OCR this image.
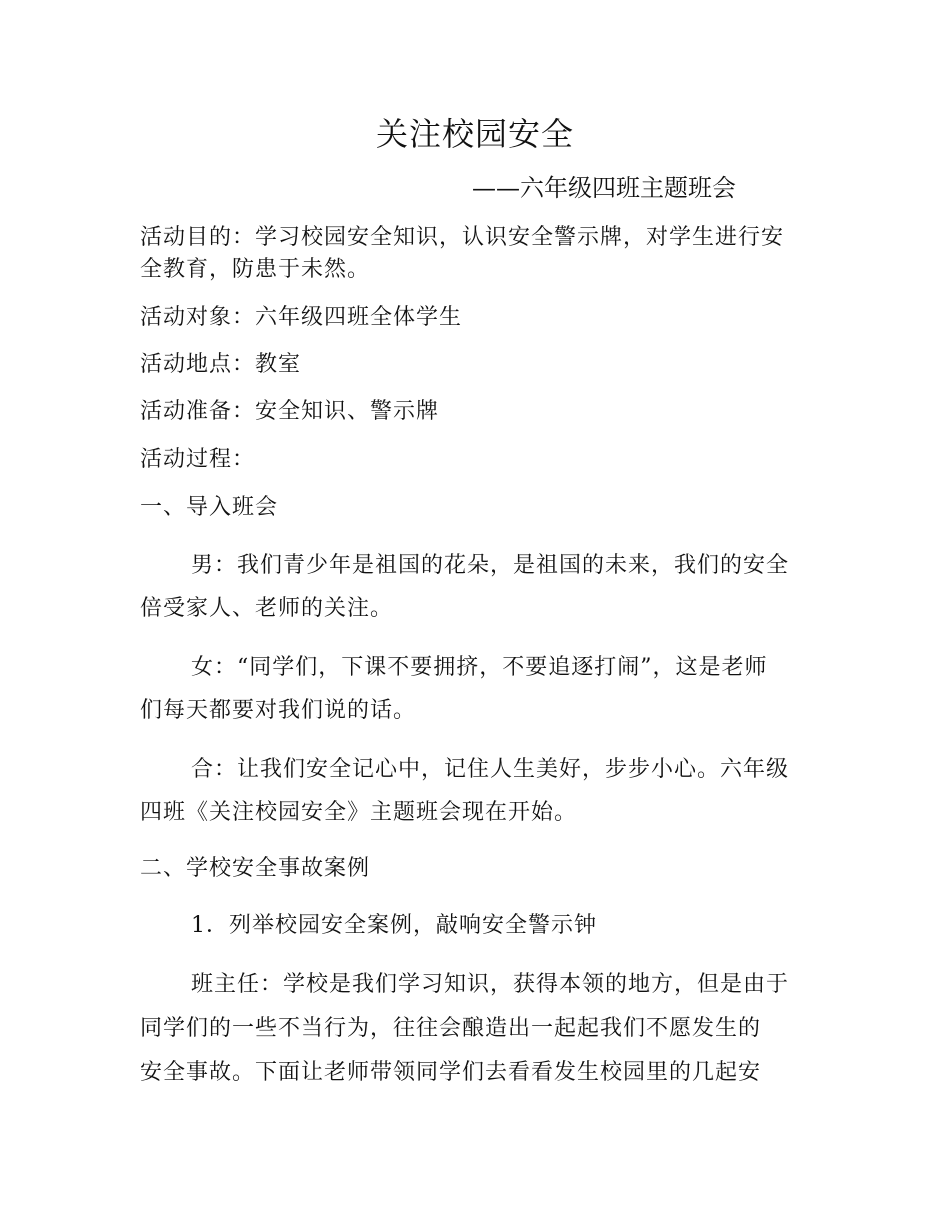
关注校园安全
——六年级四班主题班会
活动目的：学习校园安全知识，认识安全警示牌，对学生进行安
全教育，防患于未然。
活动对象：六年级四班全体学生
活动地点：教室
活动准备：安全知识、警示牌
活动过程：
一、导入班会
男：我们青少年是祖国的花朵，是祖国的未来，我们的安全
倍受家人、老师的关注。
女：“同学们，下课不要拥挤，不要追逐打闹”，这是老师
们每天都要对我们说的话。
合：让我们安全记心中，记住人生美好，步步小心。六年级
四班《关注校园安全》主题班会现在开始。
二、学校安全事故案例
1．列举校园安全案例，敲响安全警示钟
班主任：学校是我们学习知识，获得本领的地方，但是由于
同学们的一些不当行为，往往会酿造出一起起我们不愿发生的
安全事故。下面让老师带领同学们去看看发生校园里的几起安
